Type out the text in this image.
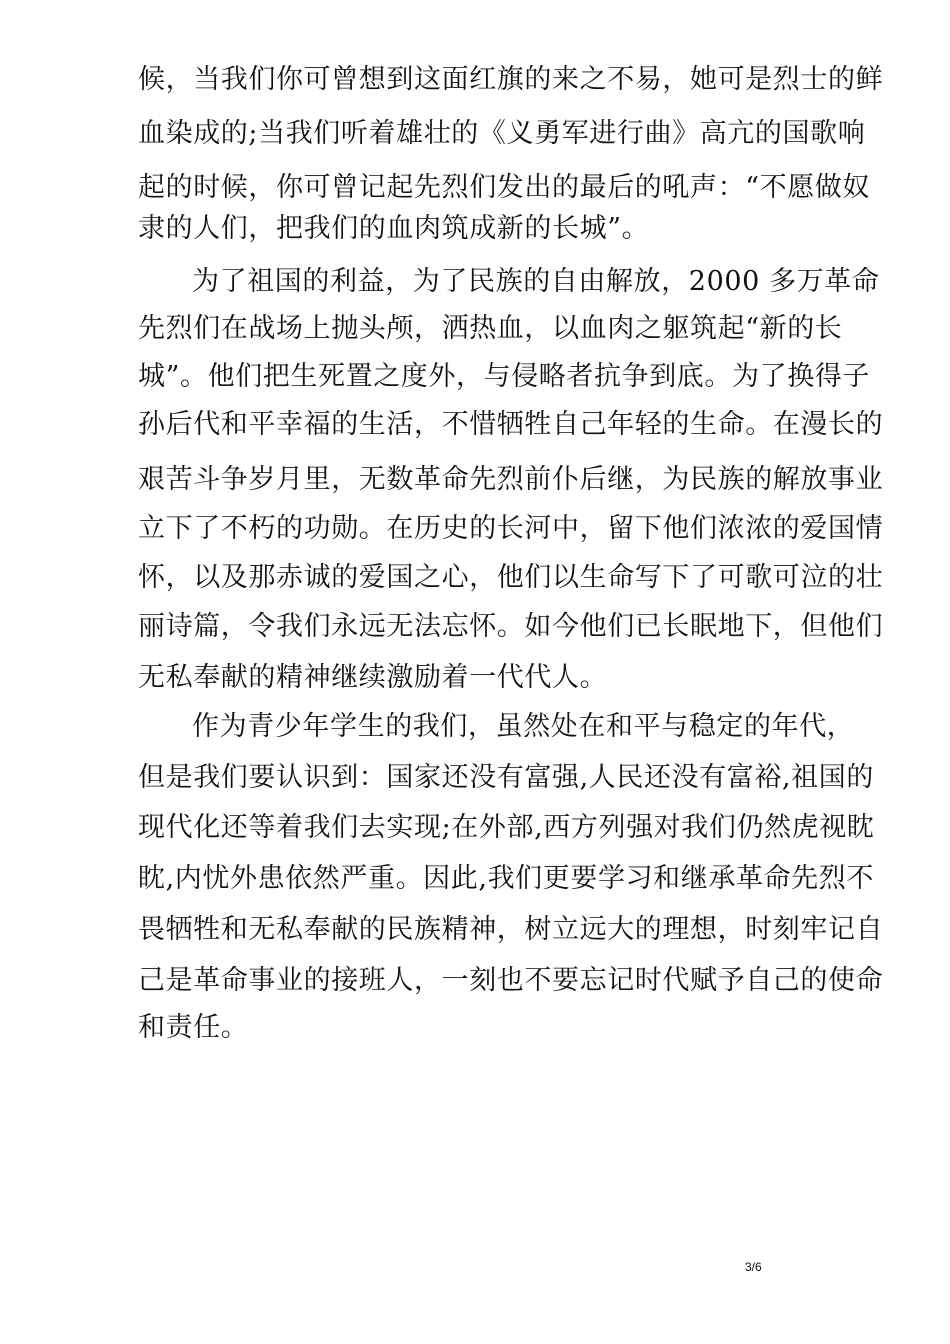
候，当我们你可曾想到这面红旗的来之不易，她可是烈士的鲜
血染成的;当我们听着雄壮的《义勇军进行曲》高亢的国歌响
起的时候，你可曾记起先烈们发出的最后的吼声：“不愿做奴
隶的人们，把我们的血肉筑成新的长城”。
为了祖国的利益，为了民族的自由解放，2000 多万革命
先烈们在战场上抛头颅，洒热血，以血肉之躯筑起“新的长
城”。他们把生死置之度外，与侵略者抗争到底。为了换得子
孙后代和平幸福的生活，不惜牺牲自己年轻的生命。在漫长的
艰苦斗争岁月里，无数革命先烈前仆后继，为民族的解放事业
立下了不朽的功勋。在历史的长河中，留下他们浓浓的爱国情
怀，以及那赤诚的爱国之心，他们以生命写下了可歌可泣的壮
丽诗篇，令我们永远无法忘怀。如今他们已长眠地下，但他们
无私奉献的精神继续激励着一代代人。
作为青少年学生的我们，虽然处在和平与稳定的年代，
但是我们要认识到：国家还没有富强,人民还没有富裕,祖国的
现代化还等着我们去实现;在外部,西方列强对我们仍然虎视眈
眈,内忧外患依然严重。因此,我们更要学习和继承革命先烈不
畏牺牲和无私奉献的民族精神，树立远大的理想，时刻牢记自
己是革命事业的接班人，一刻也不要忘记时代赋予自己的使命
和责任。
3/6
